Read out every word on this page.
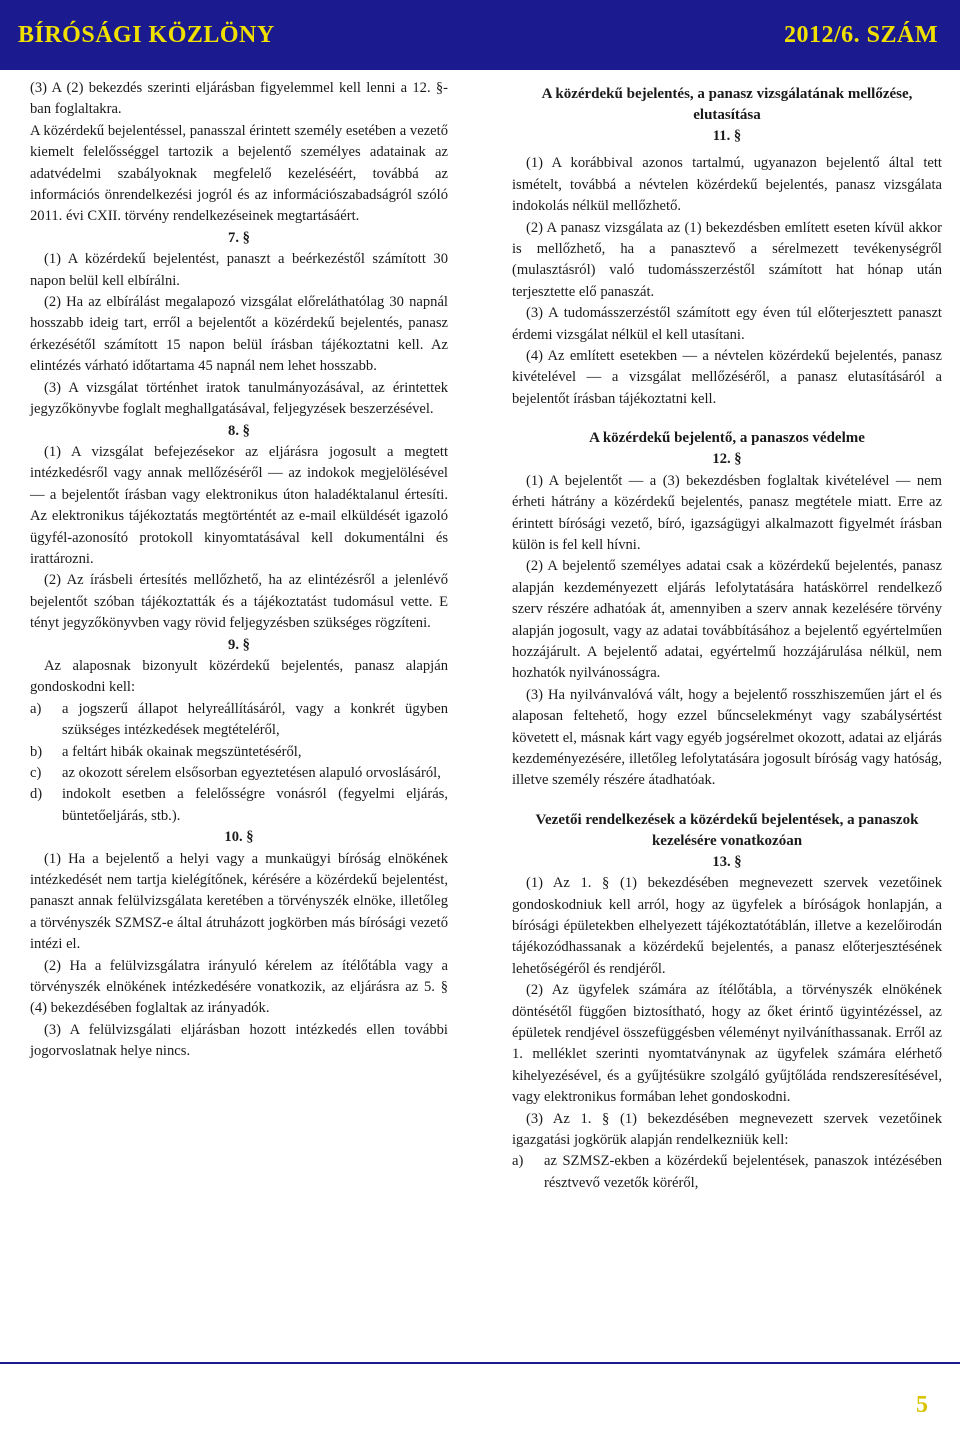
BÍRÓSÁGI KÖZLÖNY	2012/6. SZÁM

(3) A (2) bekezdés szerinti eljárásban figyelemmel kell lenni a 12. §-ban foglaltakra.

A közérdekű bejelentéssel, panasszal érintett személy esetében a vezető kiemelt felelősséggel tartozik a bejelentő személyes adatainak az adatvédelmi szabályoknak megfelelő kezeléséért, továbbá az információs önrendelkezési jogról és az információszabadságról szóló 2011. évi CXII. törvény rendelkezéseinek megtartásáért.

7. §

(1) A közérdekű bejelentést, panaszt a beérkezéstől számított 30 napon belül kell elbírálni.

(2) Ha az elbírálást megalapozó vizsgálat előreláthatólag 30 napnál hosszabb ideig tart, erről a bejelentőt a közérdekű bejelentés, panasz érkezésétől számított 15 napon belül írásban tájékoztatni kell. Az elintézés várható időtartama 45 napnál nem lehet hosszabb.

(3) A vizsgálat történhet iratok tanulmányozásával, az érintettek jegyzőkönyvbe foglalt meghallgatásával, feljegyzések beszerzésével.

8. §

(1) A vizsgálat befejezésekor az eljárásra jogosult a megtett intézkedésről vagy annak mellőzéséről — az indokok megjelölésével — a bejelentőt írásban vagy elektronikus úton haladéktalanul értesíti. Az elektronikus tájékoztatás megtörténtét az e-mail elküldését igazoló ügyfél-azonosító protokoll kinyomtatásával kell dokumentálni és irattározni.

(2) Az írásbeli értesítés mellőzhető, ha az elintézésről a jelenlévő bejelentőt szóban tájékoztatták és a tájékoztatást tudomásul vette. E tényt jegyzőkönyvben vagy rövid feljegyzésben szükséges rögzíteni.

9. §

Az alaposnak bizonyult közérdekű bejelentés, panasz alapján gondoskodni kell:

a)	a jogszerű állapot helyreállításáról, vagy a konkrét ügyben szükséges intézkedések megtételéről,
b)	a feltárt hibák okainak megszüntetéséről,
c)	az okozott sérelem elsősorban egyeztetésen alapuló orvoslásáról,
d)	indokolt esetben a felelősségre vonásról (fegyelmi eljárás, büntetőeljárás, stb.).

10. §

(1) Ha a bejelentő a helyi vagy a munkaügyi bíróság elnökének intézkedését nem tartja kielégítőnek, kérésére a közérdekű bejelentést, panaszt annak felülvizsgálata keretében a törvényszék elnöke, illetőleg a törvényszék SZMSZ-e által átruházott jogkörben más bírósági vezető intézi el.

(2) Ha a felülvizsgálatra irányuló kérelem az ítélőtábla vagy a törvényszék elnökének intézkedésére vonatkozik, az eljárásra az 5. § (4) bekezdésében foglaltak az irányadók.

(3) A felülvizsgálati eljárásban hozott intézkedés ellen további jogorvoslatnak helye nincs.

A közérdekű bejelentés, a panasz vizsgálatának mellőzése, elutasítása

11. §

(1) A korábbival azonos tartalmú, ugyanazon bejelentő által tett ismételt, továbbá a névtelen közérdekű bejelentés, panasz vizsgálata indokolás nélkül mellőzhető.

(2) A panasz vizsgálata az (1) bekezdésben említett eseten kívül akkor is mellőzhető, ha a panasztevő a sérelmezett tevékenységről (mulasztásról) való tudomásszerzéstől számított hat hónap után terjesztette elő panaszát.

(3) A tudomásszerzéstől számított egy éven túl előterjesztett panaszt érdemi vizsgálat nélkül el kell utasítani.

(4) Az említett esetekben — a névtelen közérdekű bejelentés, panasz kivételével — a vizsgálat mellőzéséről, a panasz elutasításáról a bejelentőt írásban tájékoztatni kell.

A közérdekű bejelentő, a panaszos védelme

12. §

(1) A bejelentőt — a (3) bekezdésben foglaltak kivételével — nem érheti hátrány a közérdekű bejelentés, panasz megtétele miatt. Erre az érintett bírósági vezető, bíró, igazságügyi alkalmazott figyelmét írásban külön is fel kell hívni.

(2) A bejelentő személyes adatai csak a közérdekű bejelentés, panasz alapján kezdeményezett eljárás lefolytatására hatáskörrel rendelkező szerv részére adhatóak át, amennyiben a szerv annak kezelésére törvény alapján jogosult, vagy az adatai továbbításához a bejelentő egyértelműen hozzájárult. A bejelentő adatai, egyértelmű hozzájárulása nélkül, nem hozhatók nyilvánosságra.

(3) Ha nyilvánvalóvá vált, hogy a bejelentő rosszhiszeműen járt el és alaposan feltehető, hogy ezzel bűncselekményt vagy szabálysértést követett el, másnak kárt vagy egyéb jogsérelmet okozott, adatai az eljárás kezdeményezésére, illetőleg lefolytatására jogosult bíróság vagy hatóság, illetve személy részére átadhatóak.

Vezetői rendelkezések a közérdekű bejelentések, a panaszok kezelésére vonatkozóan

13. §

(1) Az 1. § (1) bekezdésében megnevezett szervek vezetőinek gondoskodniuk kell arról, hogy az ügyfelek a bíróságok honlapján, a bírósági épületekben elhelyezett tájékoztatótáblán, illetve a kezelőirodán tájékozódhassanak a közérdekű bejelentés, a panasz előterjesztésének lehetőségéről és rendjéről.

(2) Az ügyfelek számára az ítélőtábla, a törvényszék elnökének döntésétől függően biztosítható, hogy az őket érintő ügyintézéssel, az épületek rendjével összefüggésben véleményt nyilváníthassanak. Erről az 1. melléklet szerinti nyomtatványnak az ügyfelek számára elérhető kihelyezésével, és a gyűjtésükre szolgáló gyűjtőláda rendszeresítésével, vagy elektronikus formában lehet gondoskodni.

(3) Az 1. § (1) bekezdésében megnevezett szervek vezetőinek igazgatási jogkörük alapján rendelkezniük kell:

a)	az SZMSZ-ekben a közérdekű bejelentések, panaszok intézésében résztvevő vezetők köréről,
5
